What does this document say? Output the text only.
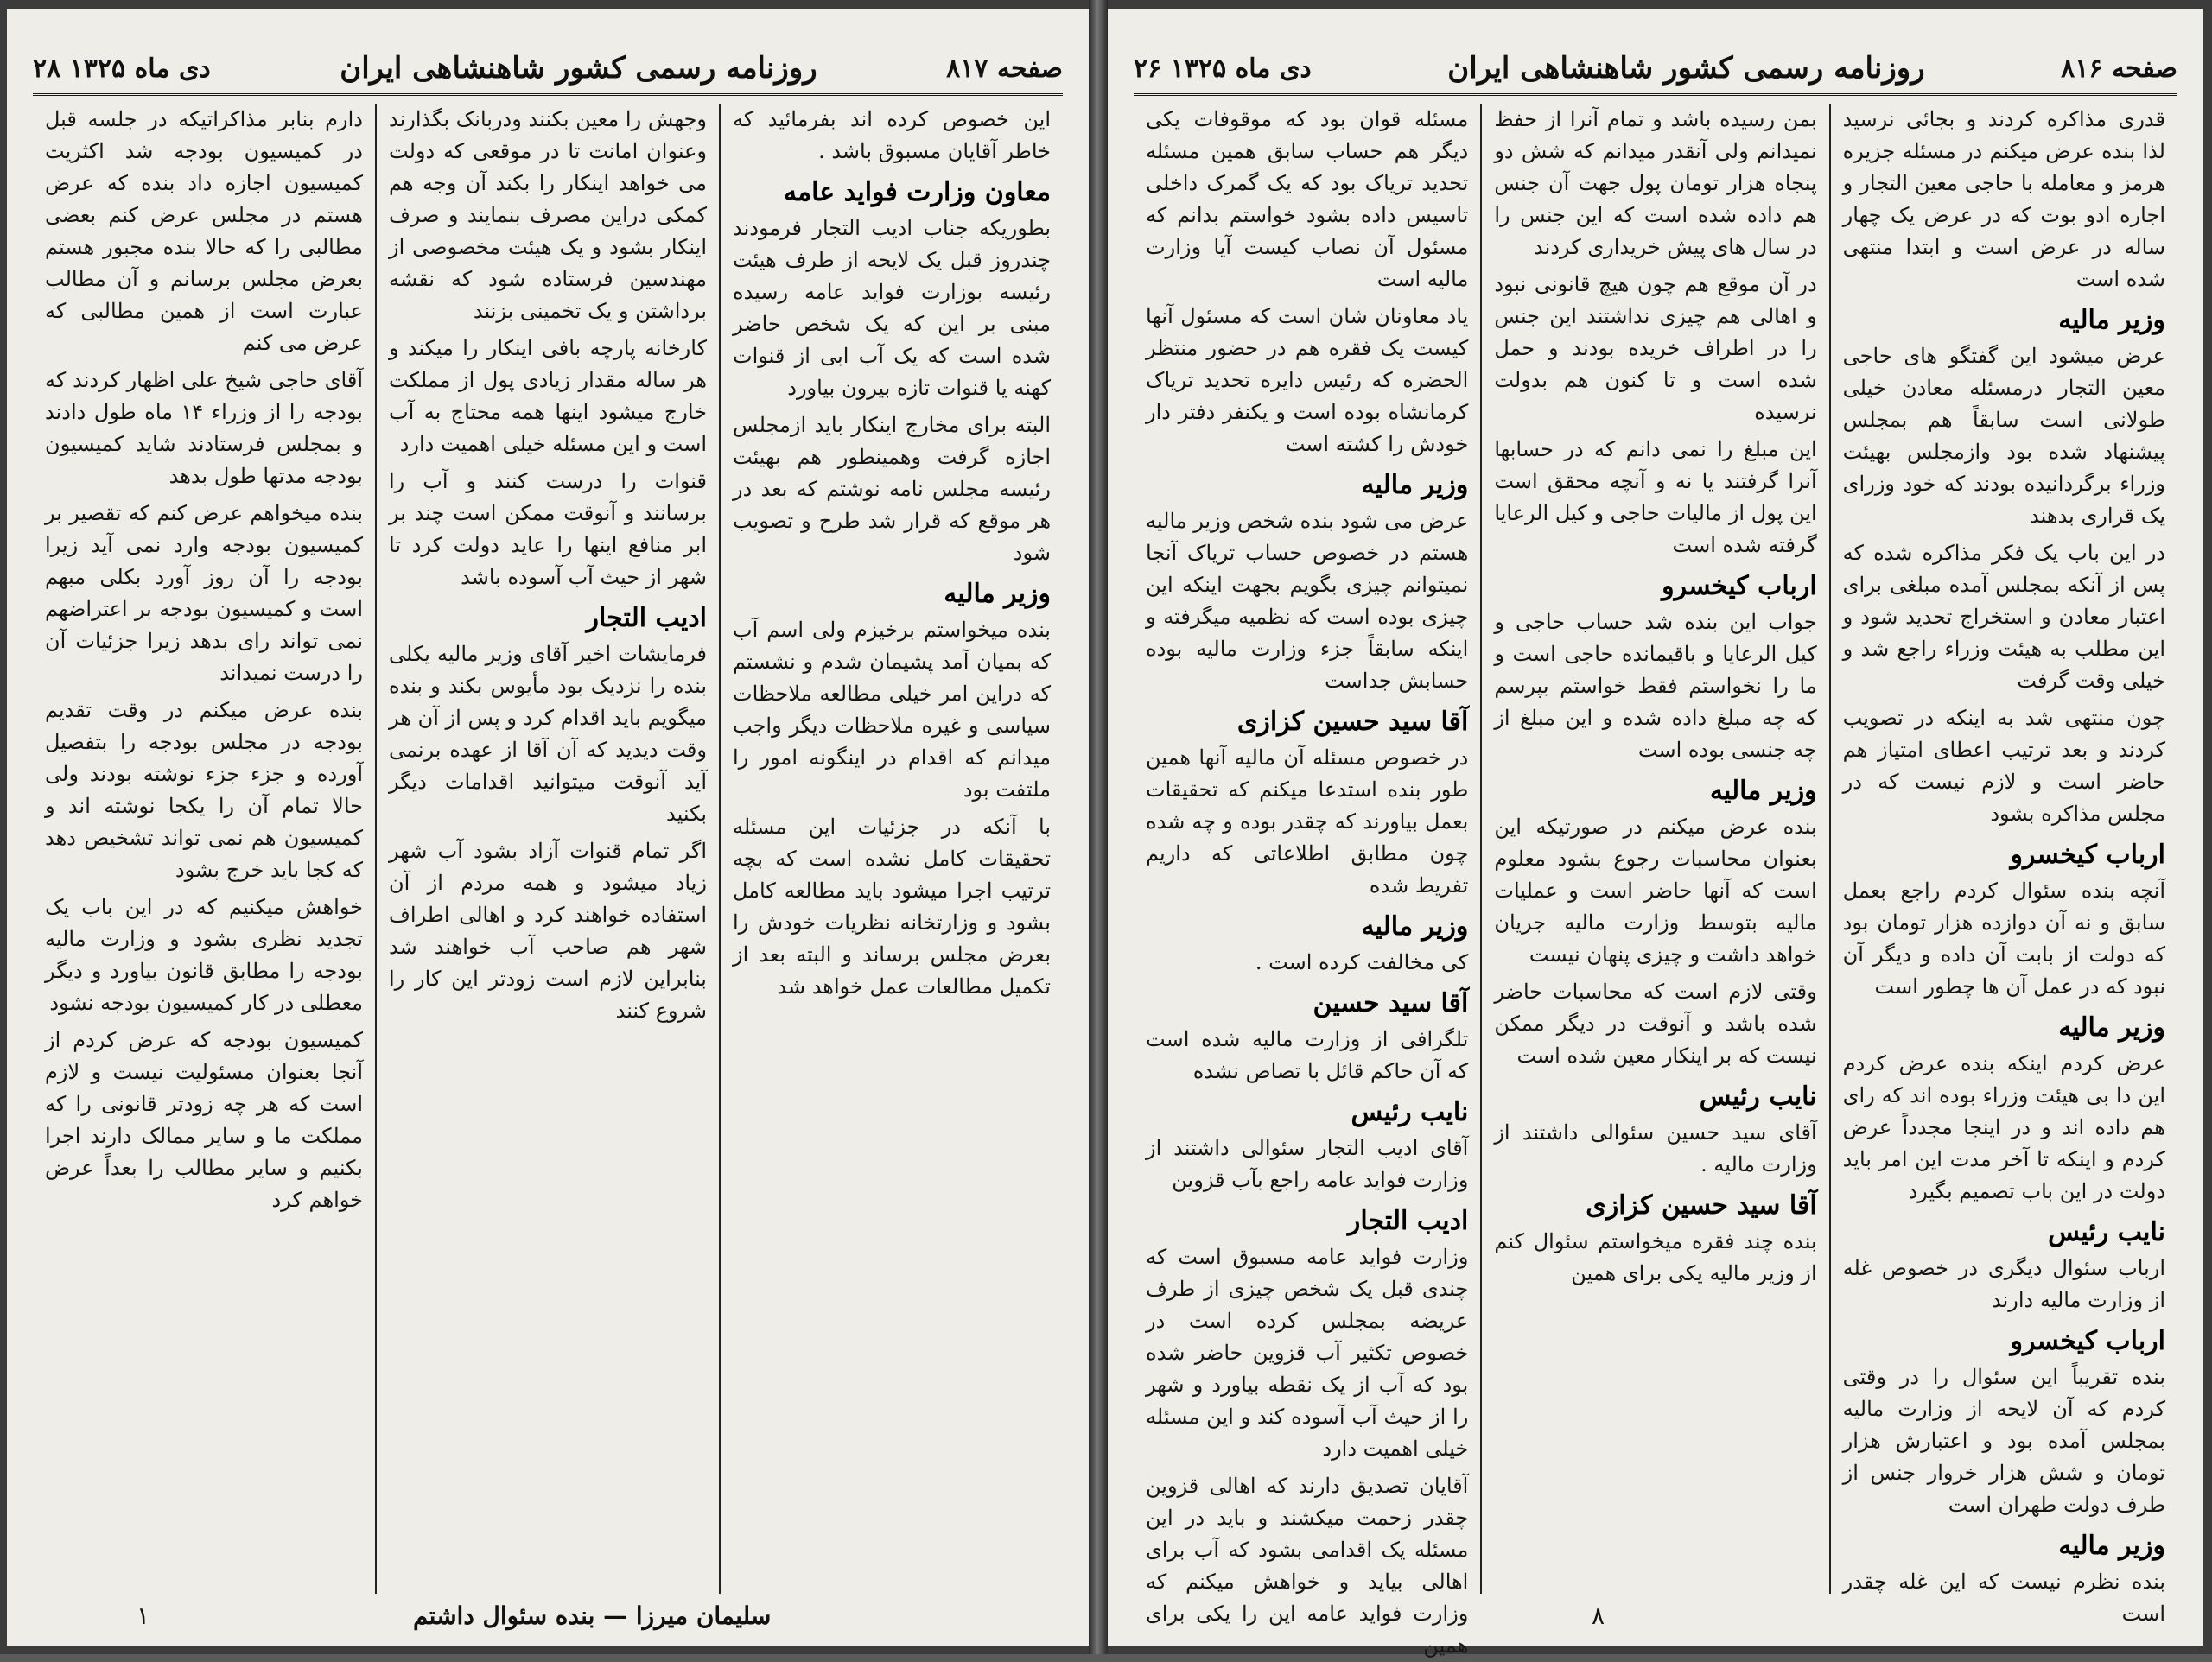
۲۸ دی ماه ۱۳۲۵	روزنامه رسمی کشور شاهنشاهی ایران	صفحه ۸۱۷
این خصوص کرده اند بفرمائید که خاطر آقایان مسبوق باشد .
معاون وزارت فواید عامه
بطوریکه جناب ادیب التجار فرمودند چندروز قبل یک لایحه از طرف هیئت رئیسه بوزارت فواید عامه رسیده مبنی بر این که یک شخص حاضر شده است که یک آب ابی از قنوات کهنه یا قنوات تازه بیرون بیاورد
البته برای مخارج اینکار باید ازمجلس اجازه گرفت وهمینطور هم بهیئت رئیسه مجلس نامه نوشتم که بعد در هر موقع که قرار شد طرح و تصویب شود
وزیر مالیه
بنده میخواستم برخیزم ولی اسم آب که بمیان آمد پشیمان شدم و نشستم که دراین امر خیلی مطالعه ملاحظات سیاسی و غیره ملاحظات دیگر واجب میدانم که اقدام در اینگونه امور را ملتفت بود
با آنکه در جزئیات این مسئله تحقیقات کامل نشده است که بچه ترتیب اجرا میشود باید مطالعه کامل بشود و وزارتخانه نظریات خودش را بعرض مجلس برساند و البته بعد از تکمیل مطالعات عمل خواهد شد
وجهش را معین بکنند ودربانک بگذارند وعنوان امانت تا در موقعی که دولت می خواهد اینکار را بکند آن وجه هم کمکی دراین مصرف بنمایند و صرف اینکار بشود و یک هیئت مخصوصی از مهندسین فرستاده شود که نقشه برداشتن و یک تخمینی بزنند
کارخانه پارچه بافی اینکار را میکند و هر ساله مقدار زیادی پول از مملکت خارج میشود اینها همه محتاج به آب است و این مسئله خیلی اهمیت دارد
قنوات را درست کنند و آب را برسانند و آنوقت ممکن است چند بر ابر منافع اینها را عاید دولت کرد تا شهر از حیث آب آسوده باشد
ادیب التجار
فرمایشات اخیر آقای وزیر مالیه یکلی بنده را نزدیک بود مأیوس بکند و بنده میگویم باید اقدام کرد و پس از آن هر وقت دیدید که آن آقا از عهده برنمی آید آنوقت میتوانید اقدامات دیگر بکنید
اگر تمام قنوات آزاد بشود آب شهر زیاد میشود و همه مردم از آن استفاده خواهند کرد و اهالی اطراف شهر هم صاحب آب خواهند شد بنابراین لازم است زودتر این کار را شروع کنند
دارم بنابر مذاکراتیکه در جلسه قبل در کمیسیون بودجه شد اکثریت کمیسیون اجازه داد بنده که عرض هستم در مجلس عرض کنم بعضی مطالبی را که حالا بنده مجبور هستم بعرض مجلس برسانم و آن مطالب عبارت است از همین مطالبی که عرض می کنم
آقای حاجی شیخ علی اظهار کردند که بودجه را از وزراء ۱۴ ماه طول دادند و بمجلس فرستادند شاید کمیسیون بودجه مدتها طول بدهد
بنده میخواهم عرض کنم که تقصیر بر کمیسیون بودجه وارد نمی آید زیرا بودجه را آن روز آورد بکلی مبهم است و کمیسیون بودجه بر اعتراضهم نمی تواند رای بدهد زیرا جزئیات آن را درست نمیداند
بنده عرض میکنم در وقت تقدیم بودجه در مجلس بودجه را بتفصیل آورده و جزء جزء نوشته بودند ولی حالا تمام آن را یکجا نوشته اند و کمیسیون هم نمی تواند تشخیص دهد که کجا باید خرج بشود
خواهش میکنیم که در این باب یک تجدید نظری بشود و وزارت مالیه بودجه را مطابق قانون بیاورد و دیگر معطلی در کار کمیسیون بودجه نشود
کمیسیون بودجه که عرض کردم از آنجا بعنوان مسئولیت نیست و لازم است که هر چه زودتر قانونی را که مملکت ما و سایر ممالک دارند اجرا بکنیم و سایر مطالب را بعداً عرض خواهم کرد
۱	سلیمان میرزا — بنده سئوال داشتم
۲۶ دی ماه ۱۳۲۵	روزنامه رسمی کشور شاهنشاهی ایران	صفحه ۸۱۶
قدری مذاکره کردند و بجائی نرسید لذا بنده عرض میکنم در مسئله جزیره هرمز و معامله با حاجی معین التجار و اجاره ادو بوت که در عرض یک چهار ساله در عرض است و ابتدا منتهی شده است
وزیر مالیه
عرض میشود این گفتگو های حاجی معین التجار درمسئله معادن خیلی طولانی است سابقاً هم بمجلس پیشنهاد شده بود وازمجلس بهیئت وزراء برگردانیده بودند که خود وزرای یک قراری بدهند
در این باب یک فکر مذاکره شده که پس از آنکه بمجلس آمده مبلغی برای اعتبار معادن و استخراج تحدید شود و این مطلب به هیئت وزراء راجع شد و خیلی وقت گرفت
چون منتهی شد به اینکه در تصویب کردند و بعد ترتیب اعطای امتیاز هم حاضر است و لازم نیست که در مجلس مذاکره بشود
ارباب کیخسرو
آنچه بنده سئوال کردم راجع بعمل سابق و نه آن دوازده هزار تومان بود که دولت از بابت آن داده و دیگر آن نبود که در عمل آن ها چطور است
وزیر مالیه
عرض کردم اینکه بنده عرض کردم این دا بی هیئت وزراء بوده اند که رای هم داده اند و در اینجا مجدداً عرض کردم و اینکه تا آخر مدت این امر باید دولت در این باب تصمیم بگیرد
نایب رئیس
ارباب سئوال دیگری در خصوص غله از وزارت مالیه دارند
ارباب کیخسرو
بنده تقریباً این سئوال را در وقتی کردم که آن لایحه از وزارت مالیه بمجلس آمده بود و اعتبارش هزار تومان و شش هزار خروار جنس از طرف دولت طهران است
وزیر مالیه
بنده نظرم نیست که این غله چقدر است
بمن رسیده باشد و تمام آنرا از حفظ نمیدانم ولی آنقدر میدانم که شش دو پنجاه هزار تومان پول جهت آن جنس هم داده شده است که این جنس را در سال های پیش خریداری کردند
در آن موقع هم چون هیچ قانونی نبود و اهالی هم چیزی نداشتند این جنس را در اطراف خریده بودند و حمل شده است و تا کنون هم بدولت نرسیده
این مبلغ را نمی دانم که در حسابها آنرا گرفتند یا نه و آنچه محقق است این پول از مالیات حاجی و کیل الرعایا گرفته شده است
ارباب کیخسرو
جواب این بنده شد حساب حاجی و کیل الرعایا و باقیمانده حاجی است و ما را نخواستم فقط خواستم بپرسم که چه مبلغ داده شده و این مبلغ از چه جنسی بوده است
وزیر مالیه
بنده عرض میکنم در صورتیکه این بعنوان محاسبات رجوع بشود معلوم است که آنها حاضر است و عملیات مالیه بتوسط وزارت مالیه جریان خواهد داشت و چیزی پنهان نیست
وقتی لازم است که محاسبات حاضر شده باشد و آنوقت در دیگر ممکن نیست که بر اینکار معین شده است
نایب رئیس
آقای سید حسین سئوالی داشتند از وزارت مالیه .
آقا سید حسین کزازی
بنده چند فقره میخواستم سئوال کنم از وزیر مالیه یکی برای همین
مسئله قوان بود که موقوفات یکی دیگر هم حساب سابق همین مسئله تحدید تریاک بود که یک گمرک داخلی تاسیس داده بشود خواستم بدانم که مسئول آن نصاب کیست آیا وزارت مالیه است
یاد معاونان شان است که مسئول آنها کیست یک فقره هم در حضور منتظر الحضره که رئیس دایره تحدید تریاک کرمانشاه بوده است و یکنفر دفتر دار خودش را کشته است
وزیر مالیه
عرض می شود بنده شخص وزیر مالیه هستم در خصوص حساب تریاک آنجا نمیتوانم چیزی بگویم بجهت اینکه این چیزی بوده است که نظمیه میگرفته و اینکه سابقاً جزء وزارت مالیه بوده حسابش جداست
آقا سید حسین کزازی
در خصوص مسئله آن مالیه آنها همین طور بنده استدعا میکنم که تحقیقات بعمل بیاورند که چقدر بوده و چه شده چون مطابق اطلاعاتی که داریم تفریط شده
وزیر مالیه
کی مخالفت کرده است .
آقا سید حسین
تلگرافی از وزارت مالیه شده است که آن حاکم قائل با تصاص نشده
نایب رئیس
آقای ادیب التجار سئوالی داشتند از وزارت فواید عامه راجع بآب قزوین
ادیب التجار
وزارت فواید عامه مسبوق است که چندی قبل یک شخص چیزی از طرف عریضه بمجلس کرده است در خصوص تکثیر آب قزوین حاضر شده بود که آب از یک نقطه بیاورد و شهر را از حیث آب آسوده کند و این مسئله خیلی اهمیت دارد
آقایان تصدیق دارند که اهالی قزوین چقدر زحمت میکشند و باید در این مسئله یک اقدامی بشود که آب برای اهالی بیاید و خواهش میکنم که وزارت فواید عامه این را یکی برای همین
۸
